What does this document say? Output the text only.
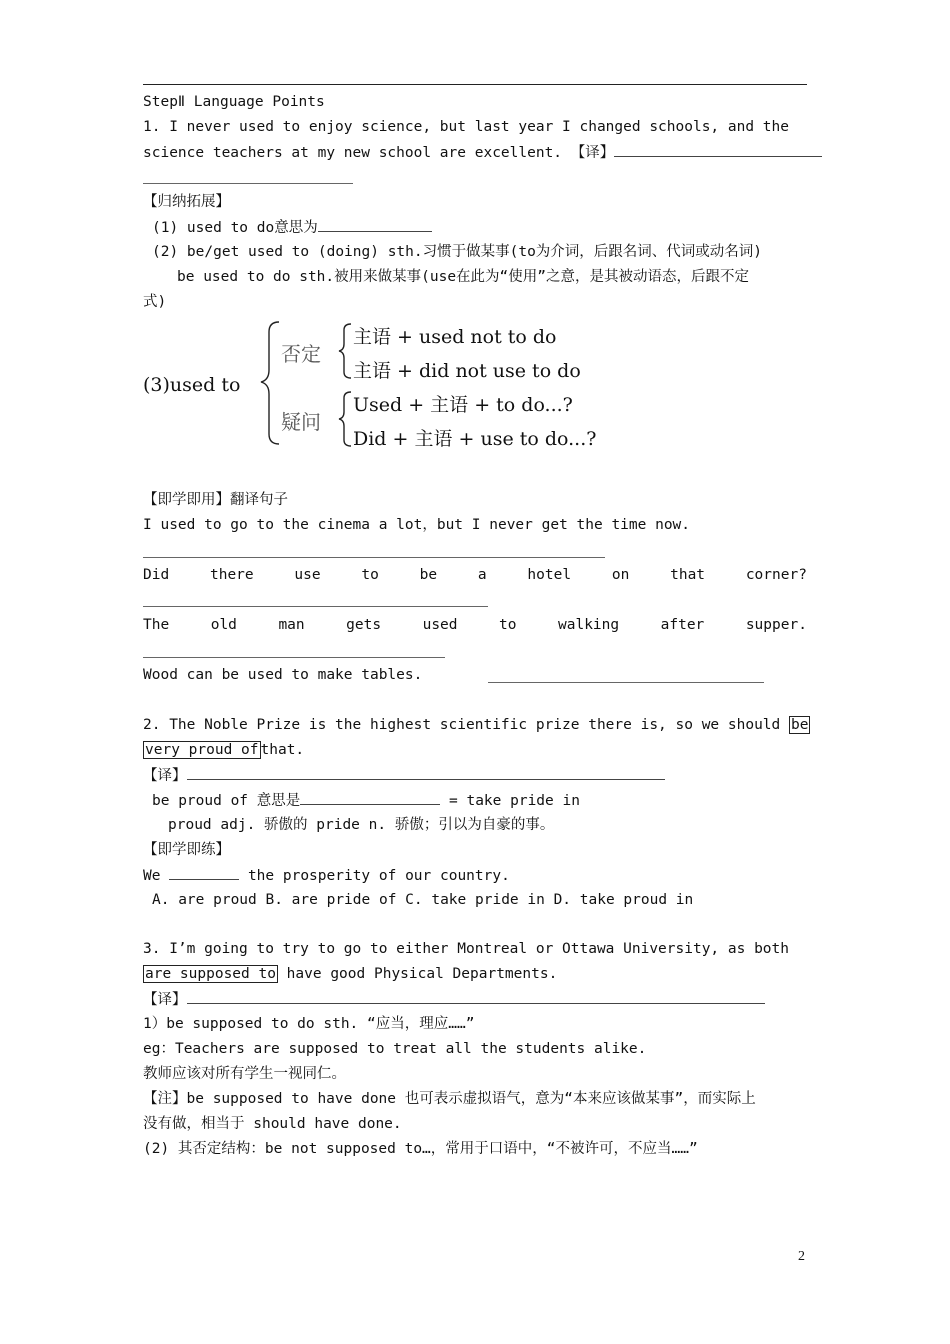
StepⅡ Language Points
1. I never used to enjoy science, but last year I changed schools, and the
science teachers at my new school are excellent. 【译】
【归纳拓展】
(1) used to do意思为
(2) be/get used to (doing) sth.习惯于做某事(to为介词，后跟名词、代词或动名词)
be used to do sth.被用来做某事(use在此为“使用”之意，是其被动语态，后跟不定
式)
(3)used to
否定
主语 + used not to do
主语 + did not use to do
疑问
Used + 主语 + to do...?
Did + 主语 + use to do...?
【即学即用】翻译句子
I used to go to the cinema a lot，but I never get the time now.
Did	there	use	to	be	a	hotel	on	that	corner?
The	old	man	gets	used	to	walking	after	supper.
Wood can be used to make tables.
2. The Noble Prize is the highest scientific prize there is, so we should be
very proud of that.
【译】
be proud of 意思是	= take pride in
proud adj. 骄傲的 pride n. 骄傲；引以为自豪的事。
【即学即练】
We	the prosperity of our country.
A. are proud B. are pride of C. take pride in D. take proud in
3. I’m going to try to go to either Montreal or Ottawa University, as both
are supposed to have good Physical Departments.
【译】
1）be supposed to do sth. “应当，理应……”
eg：Teachers are supposed to treat all the students alike.
教师应该对所有学生一视同仁。
【注】be supposed to have done 也可表示虚拟语气，意为“本来应该做某事”，而实际上
没有做，相当于 should have done.
(2) 其否定结构：be not supposed to…，常用于口语中，“不被许可，不应当……”
2
